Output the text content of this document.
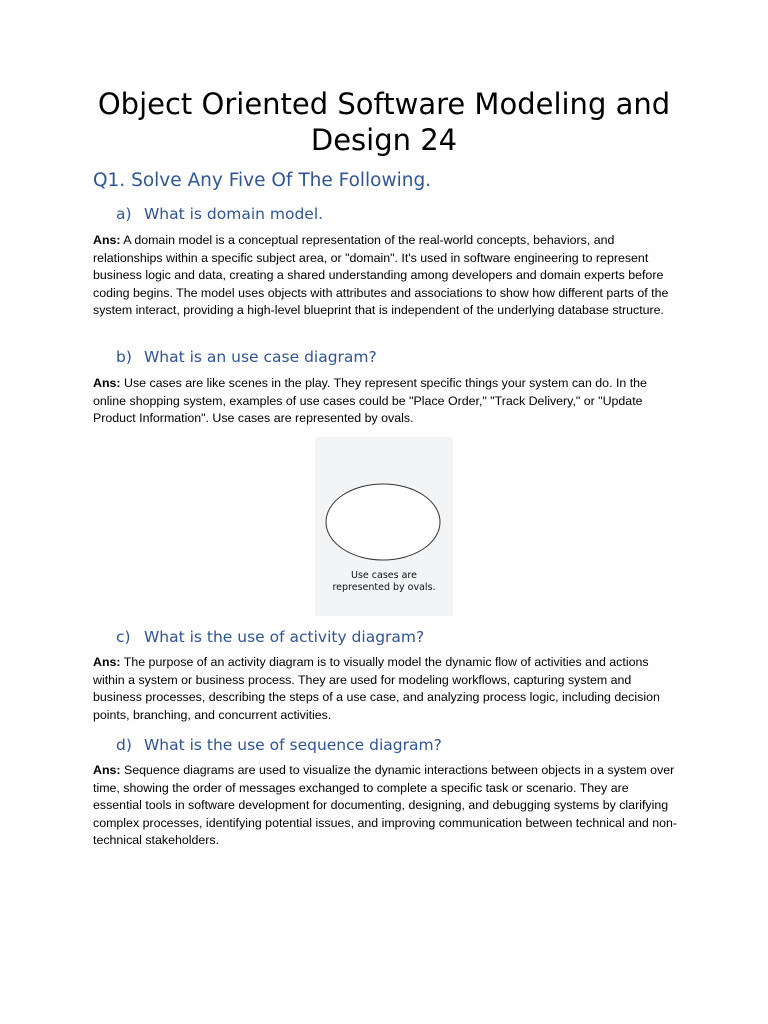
Object Oriented Software Modeling and Design 24
Q1. Solve Any Five Of The Following.
a) What is domain model.

Ans: A domain model is a conceptual representation of the real-world concepts, behaviors, and relationships within a specific subject area, or "domain". It's used in software engineering to represent business logic and data, creating a shared understanding among developers and domain experts before coding begins. The model uses objects with attributes and associations to show how different parts of the system interact, providing a high-level blueprint that is independent of the underlying database structure.

b) What is an use case diagram?

Ans: Use cases are like scenes in the play. They represent specific things your system can do. In the online shopping system, examples of use cases could be "Place Order," "Track Delivery," or "Update Product Information". Use cases are represented by ovals.

Use cases are
represented by ovals.
c) What is the use of activity diagram?

Ans: The purpose of an activity diagram is to visually model the dynamic flow of activities and actions within a system or business process. They are used for modeling workflows, capturing system and business processes, describing the steps of a use case, and analyzing process logic, including decision points, branching, and concurrent activities.

d) What is the use of sequence diagram?

Ans: Sequence diagrams are used to visualize the dynamic interactions between objects in a system over time, showing the order of messages exchanged to complete a specific task or scenario. They are essential tools in software development for documenting, designing, and debugging systems by clarifying complex processes, identifying potential issues, and improving communication between technical and non-technical stakeholders.
